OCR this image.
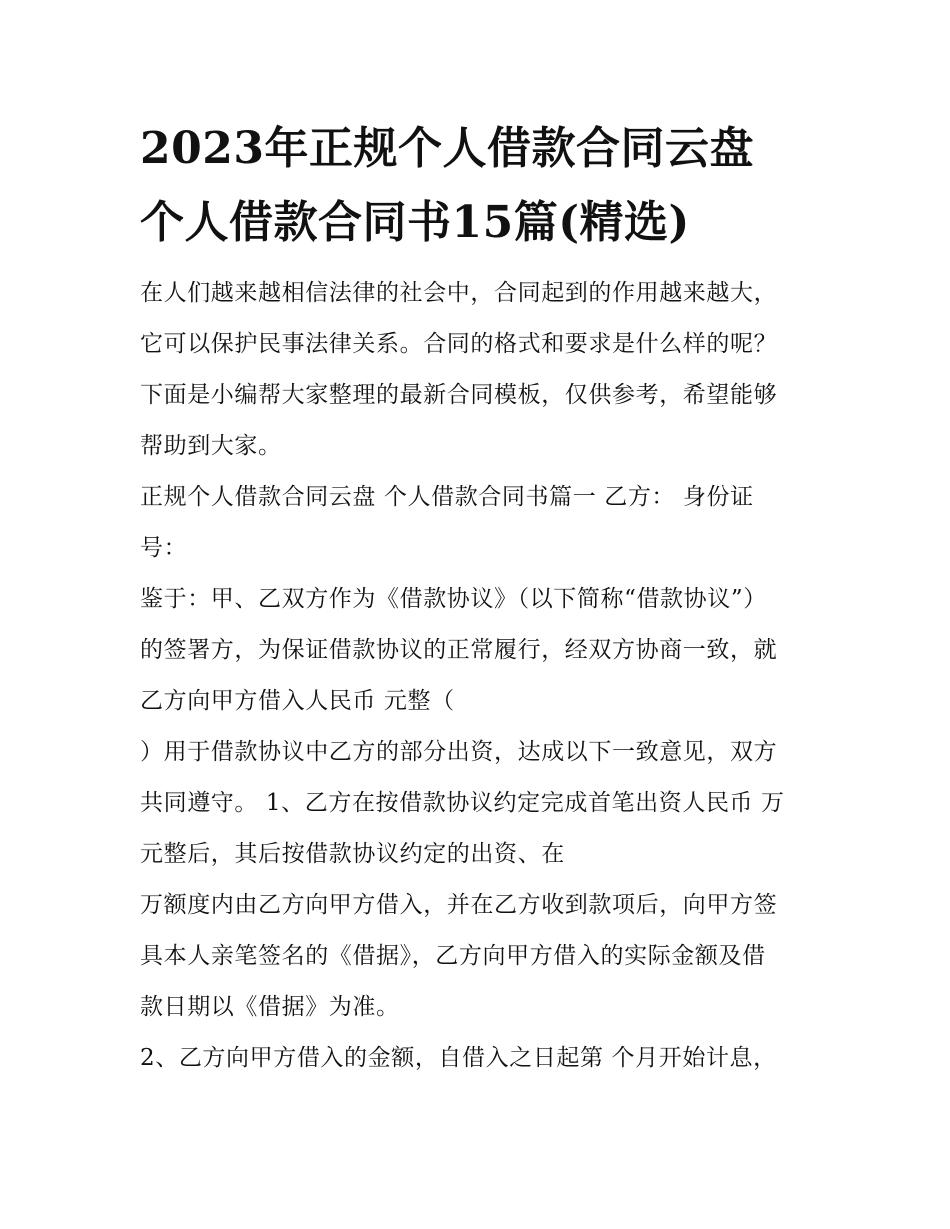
2023年正规个人借款合同云盘
个人借款合同书15篇(精选)
在人们越来越相信法律的社会中，合同起到的作用越来越大，
它可以保护民事法律关系。合同的格式和要求是什么样的呢？
下面是小编帮大家整理的最新合同模板，仅供参考，希望能够
帮助到大家。
正规个人借款合同云盘 个人借款合同书篇一 乙方： 身份证
号：
鉴于：甲、乙双方作为《借款协议》（以下简称“借款协议”）
的签署方，为保证借款协议的正常履行，经双方协商一致，就
乙方向甲方借入人民币 元整（
）用于借款协议中乙方的部分出资，达成以下一致意见，双方
共同遵守。 1、乙方在按借款协议约定完成首笔出资人民币 万
元整后，其后按借款协议约定的出资、在
万额度内由乙方向甲方借入，并在乙方收到款项后，向甲方签
具本人亲笔签名的《借据》，乙方向甲方借入的实际金额及借
款日期以《借据》为准。
2、乙方向甲方借入的金额，自借入之日起第 个月开始计息，
